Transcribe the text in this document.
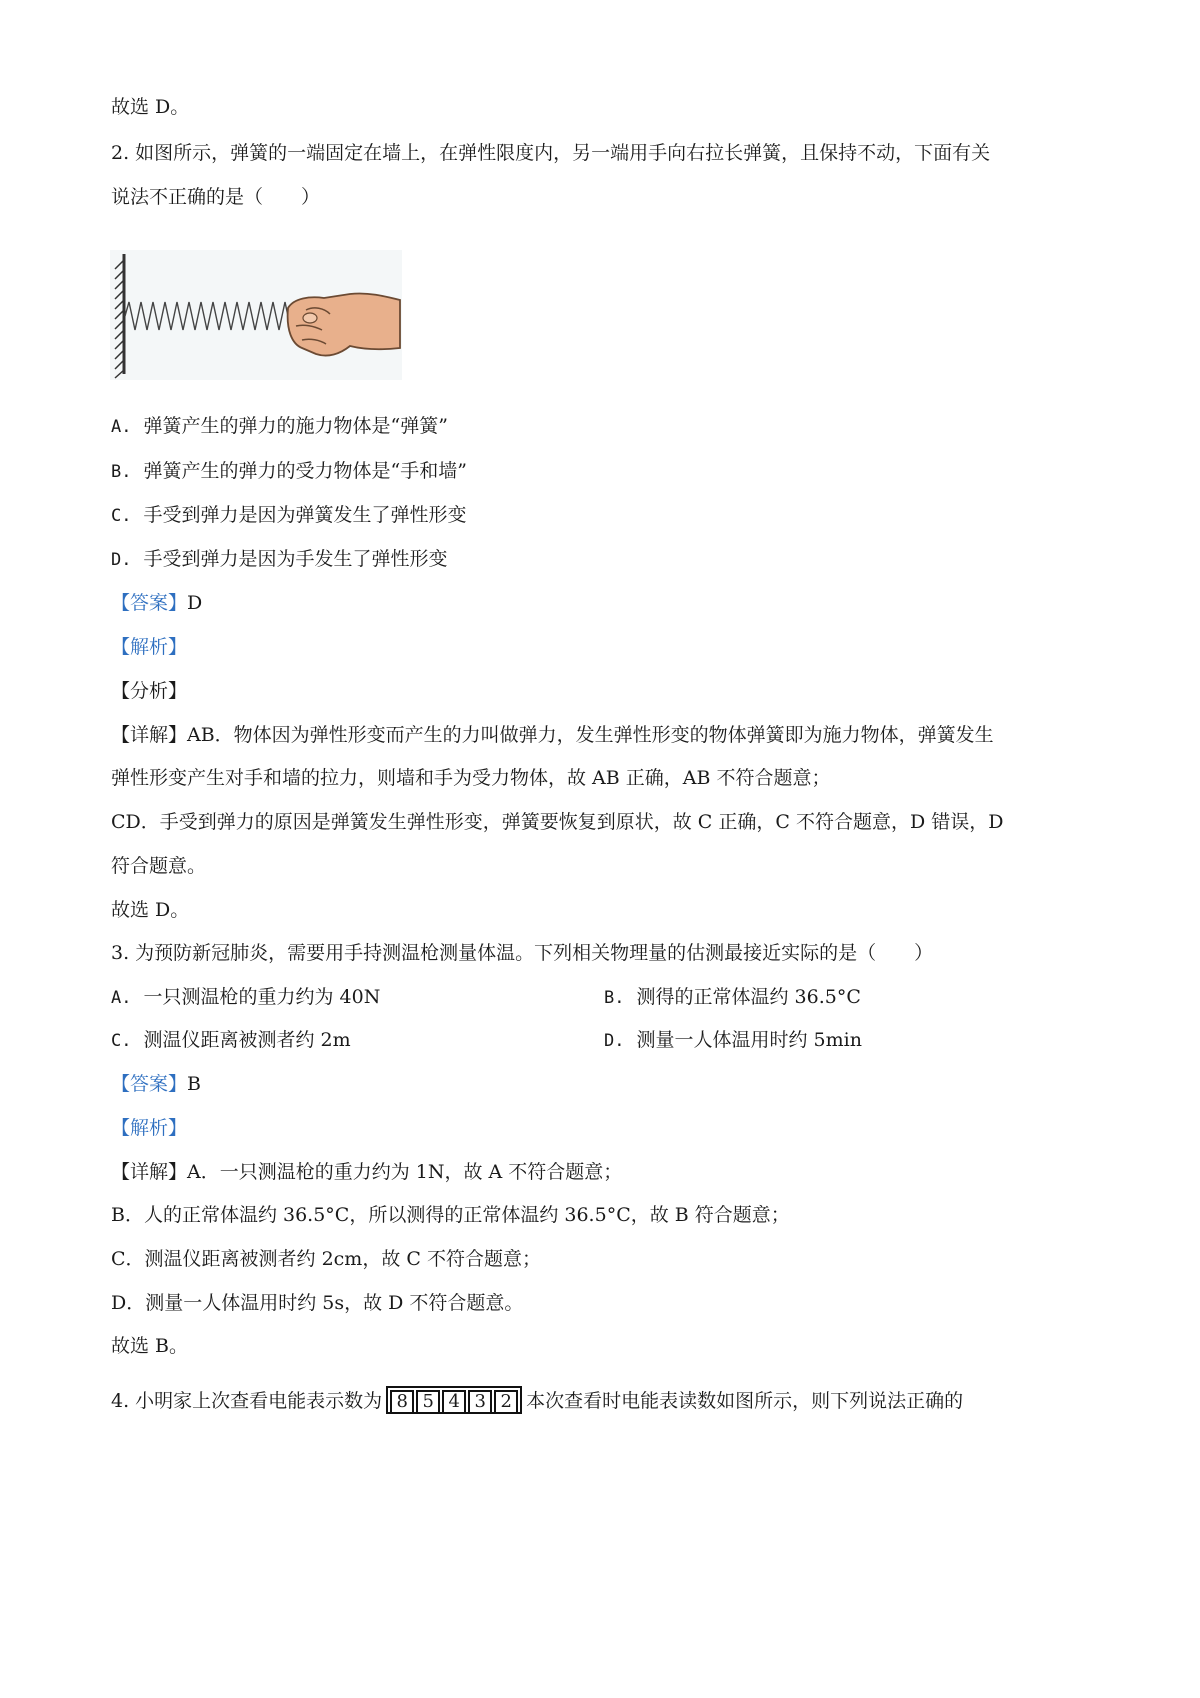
故选 D。
2. 如图所示，弹簧的一端固定在墙上，在弹性限度内，另一端用手向右拉长弹簧，且保持不动，下面有关
说法不正确的是（　　）
A. 弹簧产生的弹力的施力物体是“弹簧”
B. 弹簧产生的弹力的受力物体是“手和墙”
C. 手受到弹力是因为弹簧发生了弹性形变
D. 手受到弹力是因为手发生了弹性形变
【答案】D
【解析】
【分析】
【详解】AB．物体因为弹性形变而产生的力叫做弹力，发生弹性形变的物体弹簧即为施力物体，弹簧发生
弹性形变产生对手和墙的拉力，则墙和手为受力物体，故 AB 正确，AB 不符合题意；
CD．手受到弹力的原因是弹簧发生弹性形变，弹簧要恢复到原状，故 C 正确，C 不符合题意，D 错误，D
符合题意。
故选 D。
3. 为预防新冠肺炎，需要用手持测温枪测量体温。下列相关物理量的估测最接近实际的是（　　）
A. 一只测温枪的重力约为 40N	B. 测得的正常体温约 36.5°C
C. 测温仪距离被测者约 2m	D. 测量一人体温用时约 5min
【答案】B
【解析】
【详解】A．一只测温枪的重力约为 1N，故 A 不符合题意；
B．人的正常体温约 36.5°C，所以测得的正常体温约 36.5°C，故 B 符合题意；
C．测温仪距离被测者约 2cm，故 C 不符合题意；
D．测量一人体温用时约 5s，故 D 不符合题意。
故选 B。
4. 小明家上次查看电能表示数为 8 5 4 3 2 本次查看时电能表读数如图所示，则下列说法正确的
